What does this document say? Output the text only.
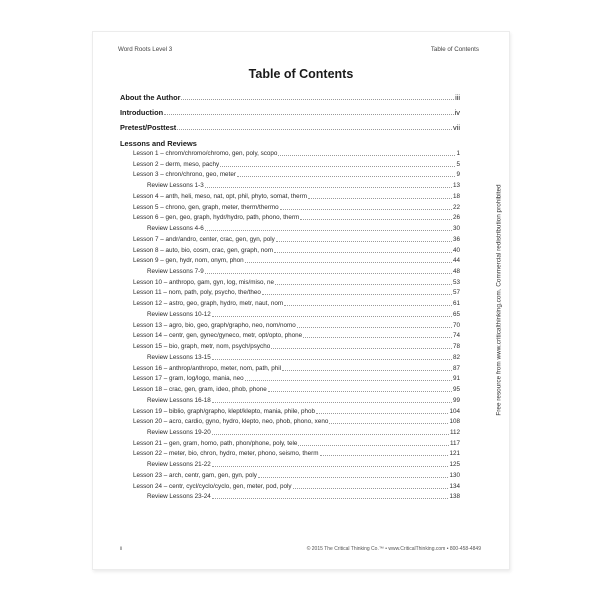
Word Roots Level 3	Table of Contents
Table of Contents
About the Author	iii
Introduction	iv
Pretest/Posttest	vii
Lessons and Reviews
Lesson 1 – chrom/chromo/chromo, gen, poly, scopo	1
Lesson 2 – derm, meso, pachy	5
Lesson 3 – chron/chrono, geo, meter	9
Review Lessons 1-3	13
Lesson 4 – anth, heli, meso, nat, opt, phil, phyto, somat, therm	18
Lesson 5 – chrono, gen, graph, meter, therm/thermo	22
Lesson 6 – gen, geo, graph, hydr/hydro, path, phono, therm	26
Review Lessons 4-6	30
Lesson 7 – andr/andro, center, crac, gen, gyn, poly	36
Lesson 8 – auto, bio, cosm, crac, gen, graph, nom	40
Lesson 9 – gen, hydr, nom, onym, phon	44
Review Lessons 7-9	48
Lesson 10 – anthropo, gam, gyn, log, mis/miso, ne	53
Lesson 11 – nom, path, poly, psycho, the/theo	57
Lesson 12 – astro, geo, graph, hydro, metr, naut, nom	61
Review Lessons 10-12	65
Lesson 13 – agro, bio, geo, graph/grapho, neo, nom/nomo	70
Lesson 14 – centr, gen, gynec/gyneco, metr, opt/opto, phone	74
Lesson 15 – bio, graph, metr, nom, psych/psycho	78
Review Lessons 13-15	82
Lesson 16 – anthrop/anthropo, meter, nom, path, phil	87
Lesson 17 – gram, log/logo, mania, neo	91
Lesson 18 – crac, gen, gram, ideo, phob, phone	95
Review Lessons 16-18	99
Lesson 19 – biblio, graph/grapho, klept/klepto, mania, phile, phob	104
Lesson 20 – acro, cardio, gyno, hydro, klepto, neo, phob, phono, xeno	108
Review Lessons 19-20	112
Lesson 21 – gen, gram, homo, path, phon/phone, poly, tele	117
Lesson 22 – meter, bio, chron, hydro, meter, phono, seismo, therm	121
Review Lessons 21-22	125
Lesson 23 – arch, centr, gam, gen, gyn, poly	130
Lesson 24 – centr, cycl/cyclo/cyclo, gen, meter, pod, poly	134
Review Lessons 23-24	138
ii	© 2015 The Critical Thinking Co.™ • www.CriticalThinking.com • 800-458-4849
Free resource from www.criticalthinking.com. Commercial redistribution prohibited
